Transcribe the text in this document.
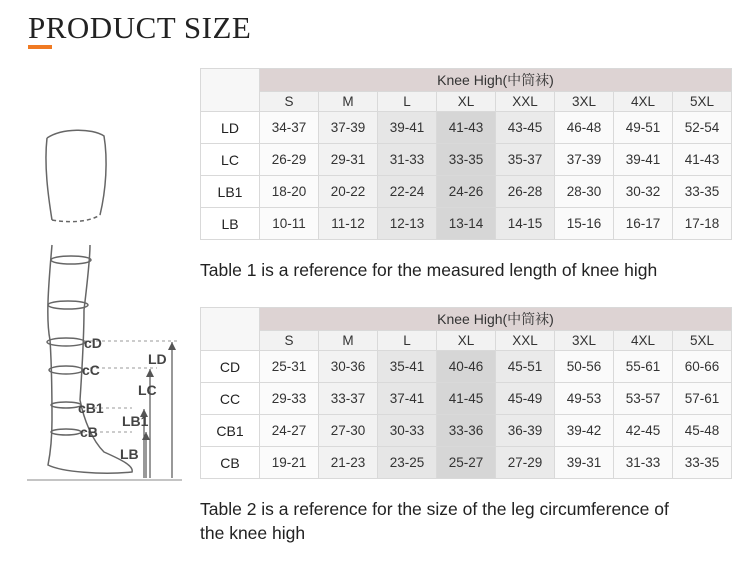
PRODUCT SIZE
cD
cC
cB1
cB
LD
LC
LB1
LB
	Knee High(中筒袜)							
	S	M	L	XL	XXL	3XL	4XL	5XL
LD	34-37	37-39	39-41	41-43	43-45	46-48	49-51	52-54
LC	26-29	29-31	31-33	33-35	35-37	37-39	39-41	41-43
LB1	18-20	20-22	22-24	24-26	26-28	28-30	30-32	33-35
LB	10-11	11-12	12-13	13-14	14-15	15-16	16-17	17-18
Table 1 is a reference for the measured length of knee high
	Knee High(中筒袜)							
	S	M	L	XL	XXL	3XL	4XL	5XL
CD	25-31	30-36	35-41	40-46	45-51	50-56	55-61	60-66
CC	29-33	33-37	37-41	41-45	45-49	49-53	53-57	57-61
CB1	24-27	27-30	30-33	33-36	36-39	39-42	42-45	45-48
CB	19-21	21-23	23-25	25-27	27-29	39-31	31-33	33-35
Table 2 is a reference for the size of the leg circumference of
the knee high
